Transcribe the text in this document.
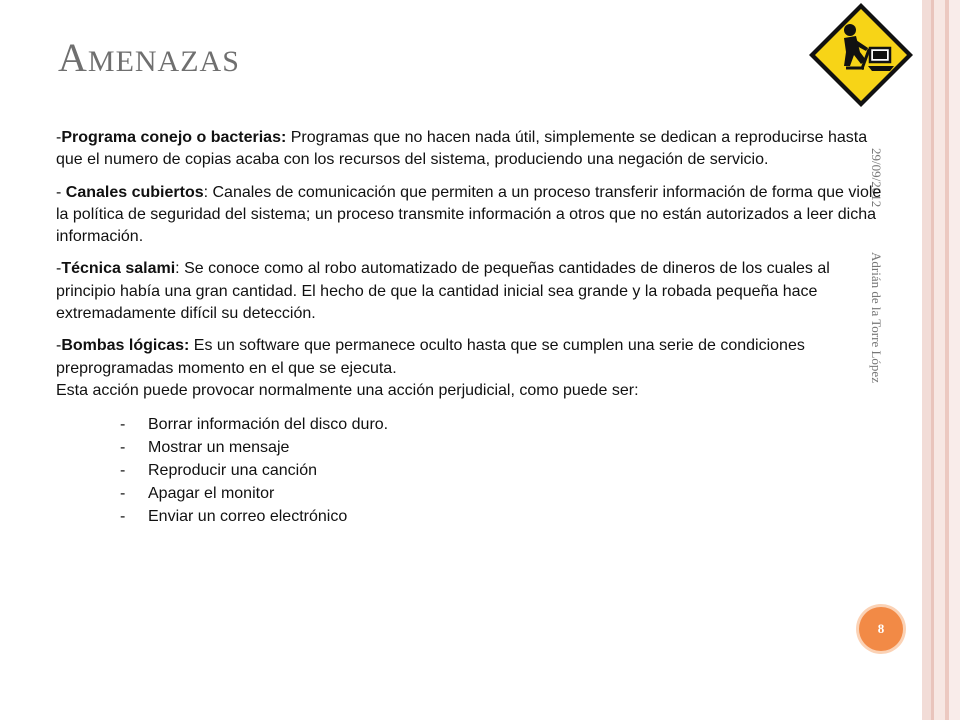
AMENAZAS
29/09/2012
Adrián de la Torre López

-Programa conejo o bacterias: Programas que no hacen nada útil, simplemente se dedican a reproducirse hasta que el numero de copias acaba con los recursos del sistema, produciendo una negación de servicio.

- Canales cubiertos: Canales de comunicación que permiten a un proceso transferir información de forma que viole la política de seguridad del sistema; un proceso transmite información a otros que no están autorizados a leer dicha información.

-Técnica salami: Se conoce como al robo automatizado de pequeñas cantidades de dineros de los cuales al principio había una gran cantidad. El hecho de que la cantidad inicial sea grande y la robada pequeña hace extremadamente difícil su detección.

-Bombas lógicas: Es un software que permanece oculto hasta que se cumplen una serie de condiciones preprogramadas momento en el que se ejecuta.

Esta acción puede provocar normalmente una acción perjudicial, como puede ser:

- Borrar información del disco duro.
- Mostrar un mensaje
- Reproducir una canción
- Apagar el monitor
- Enviar un correo electrónico
8
